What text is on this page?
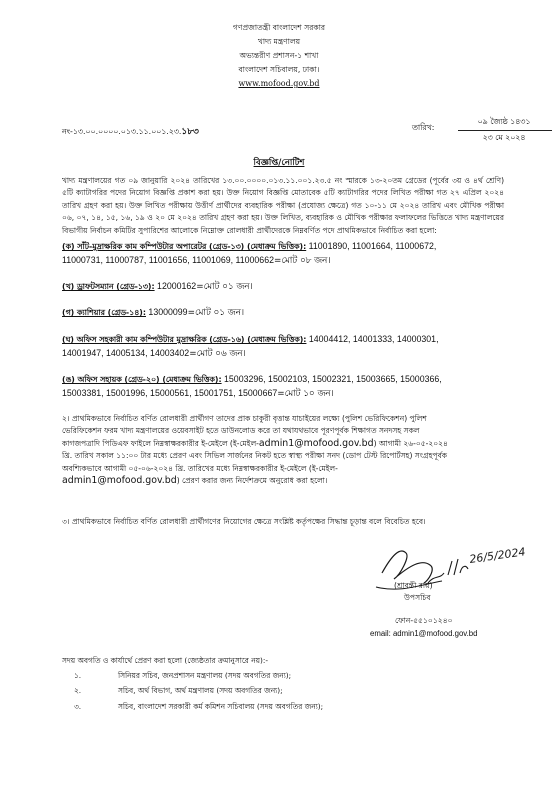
গণপ্রজাতন্ত্রী বাংলাদেশ সরকার
খাদ্য মন্ত্রণালয়
অভ্যন্তরীণ প্রশাসন-১ শাখা
বাংলাদেশ সচিবালয়, ঢাকা।
www.mofood.gov.bd
নং-১৩.০০.০০০০.০১৩.১১.০০১.২৩.১৮৩	তারিখ:
০৯ জ্যৈষ্ঠ ১৪৩১
২৩ মে ২০২৪
বিজ্ঞপ্তি/নোটিশ
খাদ্য মন্ত্রণালয়ের গত ০৯ জানুয়ারি ২০২৪ তারিখের ১৩.০০.০০০০.০১৩.১১.০০১.২৩.৫ নং স্মারকে ১৩-২০তম গ্রেডের (পূর্বের ৩য় ও ৪র্থ শ্রেণি) ৫টি ক্যাটাগরির পদের নিয়োগ বিজ্ঞপ্তি প্রকাশ করা হয়। উক্ত নিয়োগ বিজ্ঞপ্তি মোতাবেক ৫টি ক্যাটাগরির পদের লিখিত পরীক্ষা গত ২৭ এপ্রিল ২০২৪ তারিখ গ্রহণ করা হয়। উক্ত লিখিত পরীক্ষায় উত্তীর্ণ প্রার্থীদের ব্যবহারিক পরীক্ষা (প্রযোজ্য ক্ষেত্রে) গত ১০-১১ মে ২০২৪ তারিখ এবং মৌখিক পরীক্ষা ০৬, ০৭, ১৪, ১৫, ১৬, ১৯ ও ২০ মে ২০২৪ তারিখ গ্রহণ করা হয়। উক্ত লিখিত, ব্যবহারিক ও মৌখিক পরীক্ষার ফলাফলের ভিত্তিতে খাদ্য মন্ত্রণালয়ের বিভাগীয় নির্বাচন কমিটির সুপারিশের আলোকে নিম্নোক্ত রোলধারী প্রার্থীদেরকে নিম্নবর্ণিত পদে প্রাথমিকভাবে নির্বাচিত করা হলো:
(ক) সাঁট-মুদ্রাক্ষরিক কাম কম্পিউটার অপারেটর (গ্রেড-১৩) (মেধাক্রম ভিত্তিক): 11001890, 11001664, 11000672,
11000731, 11000787, 11001656, 11001069, 11000662=মোট ০৮ জন।
(খ) ড্রাফটসম্যান (গ্রেড-১৩): 12000162=মোট ০১ জন।
(গ) ক্যাশিয়ার (গ্রেড-১৪): 13000099=মোট ০১ জন।
(ঘ) অফিস সহকারী কাম কম্পিউটার মুদ্রাক্ষরিক (গ্রেড-১৬) (মেধাক্রম ভিত্তিক): 14004412, 14001333, 14000301,
14001947, 14005134, 14003402=মোট ০৬ জন।
(ঙ) অফিস সহায়ক (গ্রেড-২০) (মেধাক্রম ভিত্তিক): 15003296, 15002103, 15002321, 15003665, 15000366,
15003381, 15001996, 15000561, 15001751, 15000667=মোট ১০ জন।
২। প্রাথমিকভাবে নির্বাচিত বর্ণিত রোলধারী প্রার্থীগণ তাদের প্রাক চাকুরী বৃত্তান্ত যাচাইয়ের লক্ষ্যে (পুলিশ ভেরিফিকেশন) পুলিশ
ভেরিফিকেশন ফরম খাদ্য মন্ত্রণালয়ের ওয়েবসাইট হতে ডাউনলোড করে তা যথাযথভাবে পূরণপূর্বক শিক্ষাগত সনদসহ সকল
কাগজপত্রাদি পিডিএফ ফাইলে নিম্নস্বাক্ষরকারীর ই-মেইলে (ই-মেইল-admin1@mofood.gov.bd) আগামী ২৬-০৫-২০২৪
খ্রি. তারিখ সকাল ১১:০০ টার মধ্যে প্রেরণ এবং সিভিল সার্জনের নিকট হতে স্বাস্থ্য পরীক্ষা সনদ (ডোপ টেস্ট রিপোর্টসহ) সংগ্রহপূর্বক
অবশ্যিকভাবে আগামী ০৫-০৬-২০২৪ খ্রি. তারিখের মধ্যে নিম্নস্বাক্ষরকারীর ই-মেইলে (ই-মেইল-
admin1@mofood.gov.bd) প্রেরণ করার জন্য নির্দেশক্রমে অনুরোধ করা হলো।
৩। প্রাথমিকভাবে নির্বাচিত বর্ণিত রোলধারী প্রার্থীগণের নিয়োগের ক্ষেত্রে সংশ্লিষ্ট কর্তৃপক্ষের সিদ্ধান্ত চূড়ান্ত বলে বিবেচিত হবে।
26/5/2024
(শ্রাবন্তী রায়)
উপসচিব
ফোন-৫৫১০১২৪০
email: admin1@mofood.gov.bd
সদয় অবগতি ও কার্যার্থে প্রেরণ করা হলো (জ্যেষ্ঠতার ক্রমানুসারে নয়):-
১.	সিনিয়র সচিব, জনপ্রশাসন মন্ত্রণালয় (সদয় অবগতির জন্য);
২.	সচিব, অর্থ বিভাগ, অর্থ মন্ত্রণালয় (সদয় অবগতির জন্য);
৩.	সচিব, বাংলাদেশ সরকারী কর্ম কমিশন সচিবালয় (সদয় অবগতির জন্য);
